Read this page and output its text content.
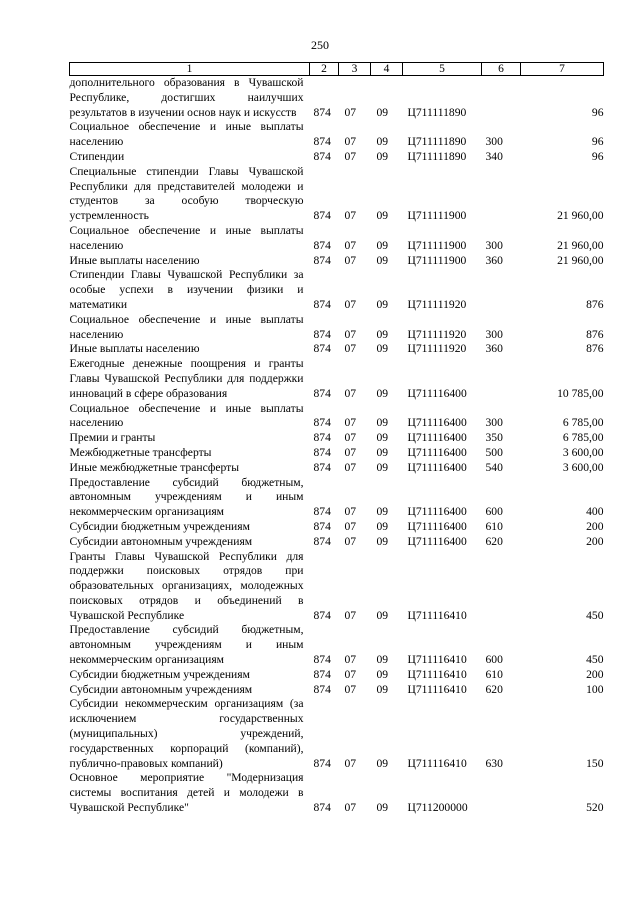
250
1	2	3	4	5	6	7
дополнительного образования в Чувашской Республике, достигших наилучших результатов в изучении основ наук и искусств	874	07	09	Ц711111890		96
Социальное обеспечение и иные выплаты населению	874	07	09	Ц711111890	300	96
Стипендии	874	07	09	Ц711111890	340	96
Специальные стипендии Главы Чувашской Республики для представителей молодежи и студентов за особую творческую устремленность	874	07	09	Ц711111900		21 960,00
Социальное обеспечение и иные выплаты населению	874	07	09	Ц711111900	300	21 960,00
Иные выплаты населению	874	07	09	Ц711111900	360	21 960,00
Стипендии Главы Чувашской Республики за особые успехи в изучении физики и математики	874	07	09	Ц711111920		876
Социальное обеспечение и иные выплаты населению	874	07	09	Ц711111920	300	876
Иные выплаты населению	874	07	09	Ц711111920	360	876
Ежегодные денежные поощрения и гранты Главы Чувашской Республики для поддержки инноваций в сфере образования	874	07	09	Ц711116400		10 785,00
Социальное обеспечение и иные выплаты населению	874	07	09	Ц711116400	300	6 785,00
Премии и гранты	874	07	09	Ц711116400	350	6 785,00
Межбюджетные трансферты	874	07	09	Ц711116400	500	3 600,00
Иные межбюджетные трансферты	874	07	09	Ц711116400	540	3 600,00
Предоставление субсидий бюджетным, автономным учреждениям и иным некоммерческим организациям	874	07	09	Ц711116400	600	400
Субсидии бюджетным учреждениям	874	07	09	Ц711116400	610	200
Субсидии автономным учреждениям	874	07	09	Ц711116400	620	200
Гранты Главы Чувашской Республики для поддержки поисковых отрядов при образовательных организациях, молодежных поисковых отрядов и объединений в Чувашской Республике	874	07	09	Ц711116410		450
Предоставление субсидий бюджетным, автономным учреждениям и иным некоммерческим организациям	874	07	09	Ц711116410	600	450
Субсидии бюджетным учреждениям	874	07	09	Ц711116410	610	200
Субсидии автономным учреждениям	874	07	09	Ц711116410	620	100
Субсидии некоммерческим организациям (за исключением государственных (муниципальных) учреждений, государственных корпораций (компаний), публично-правовых компаний)	874	07	09	Ц711116410	630	150
Основное мероприятие "Модернизация системы воспитания детей и молодежи в Чувашской Республике"	874	07	09	Ц711200000		520
